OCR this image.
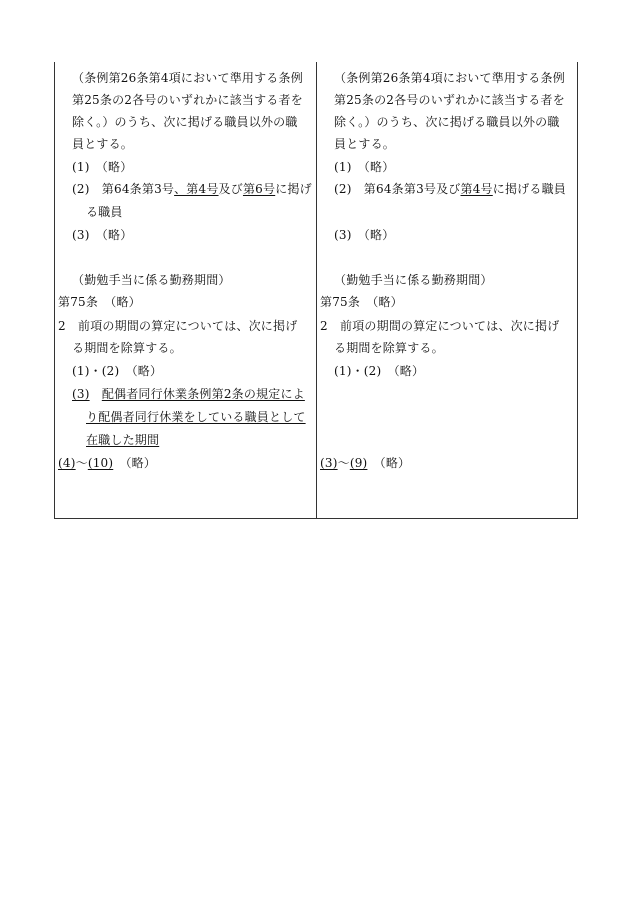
（条例第26条第4項において準用する条例
第25条の2各号のいずれかに該当する者を
除く。）のうち、次に掲げる職員以外の職
員とする。
(1)　（略）
(2)　第64条第3号、第4号及び第6号に掲げ
る職員
(3)　（略）
（勤勉手当に係る勤務期間）
第75条　（略）
2　前項の期間の算定については、次に掲げ
る期間を除算する。
(1)・(2)　（略）
(3)　 配偶者同行休業条例第2条の規定によ
り配偶者同行休業をしている職員として
在職した期間
(4)～(10)　（略）
（条例第26条第4項において準用する条例
第25条の2各号のいずれかに該当する者を
除く。）のうち、次に掲げる職員以外の職
員とする。
(1)　（略）
(2)　第64条第3号及び第4号に掲げる職員
(3)　（略）
（勤勉手当に係る勤務期間）
第75条　（略）
2　前項の期間の算定については、次に掲げ
る期間を除算する。
(1)・(2)　（略）
(3)～(9)　（略）
